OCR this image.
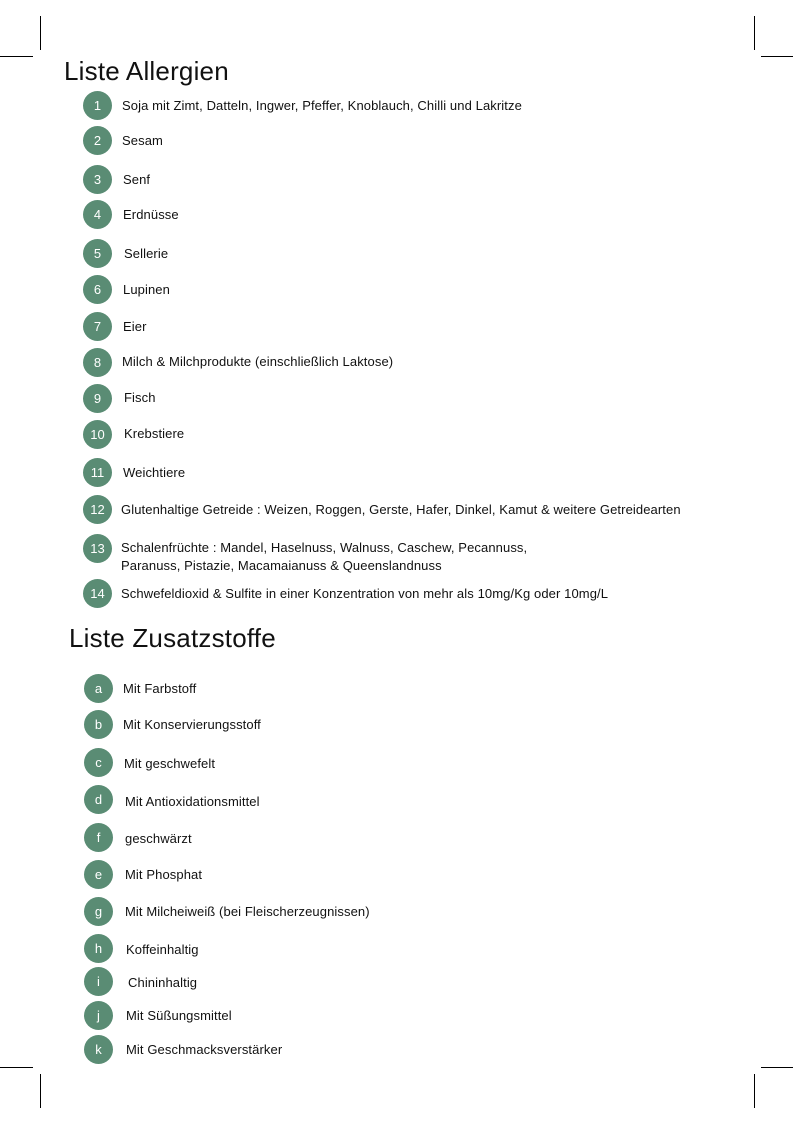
Liste Allergien
1	Soja mit Zimt, Datteln, Ingwer, Pfeffer, Knoblauch, Chilli und Lakritze
2	Sesam
3	Senf
4	Erdnüsse
5	Sellerie
6	Lupinen
7	Eier
8	Milch & Milchprodukte (einschließlich Laktose)
9	Fisch
10	Krebstiere
11	Weichtiere
12	Glutenhaltige Getreide : Weizen, Roggen, Gerste, Hafer, Dinkel, Kamut & weitere Getreidearten
13	Schalenfrüchte : Mandel, Haselnuss, Walnuss, Caschew, Pecannuss,
Paranuss, Pistazie, Macamaianuss & Queenslandnuss
14	Schwefeldioxid & Sulfite in einer Konzentration von mehr als 10mg/Kg oder 10mg/L
Liste Zusatzstoffe
a	Mit Farbstoff
b	Mit Konservierungsstoff
c	Mit geschwefelt
d	Mit Antioxidationsmittel
f	geschwärzt
e	Mit Phosphat
g	Mit Milcheiweiß (bei Fleischerzeugnissen)
h	Koffeinhaltig
i	Chininhaltig
j	Mit Süßungsmittel
k	Mit Geschmacksverstärker
